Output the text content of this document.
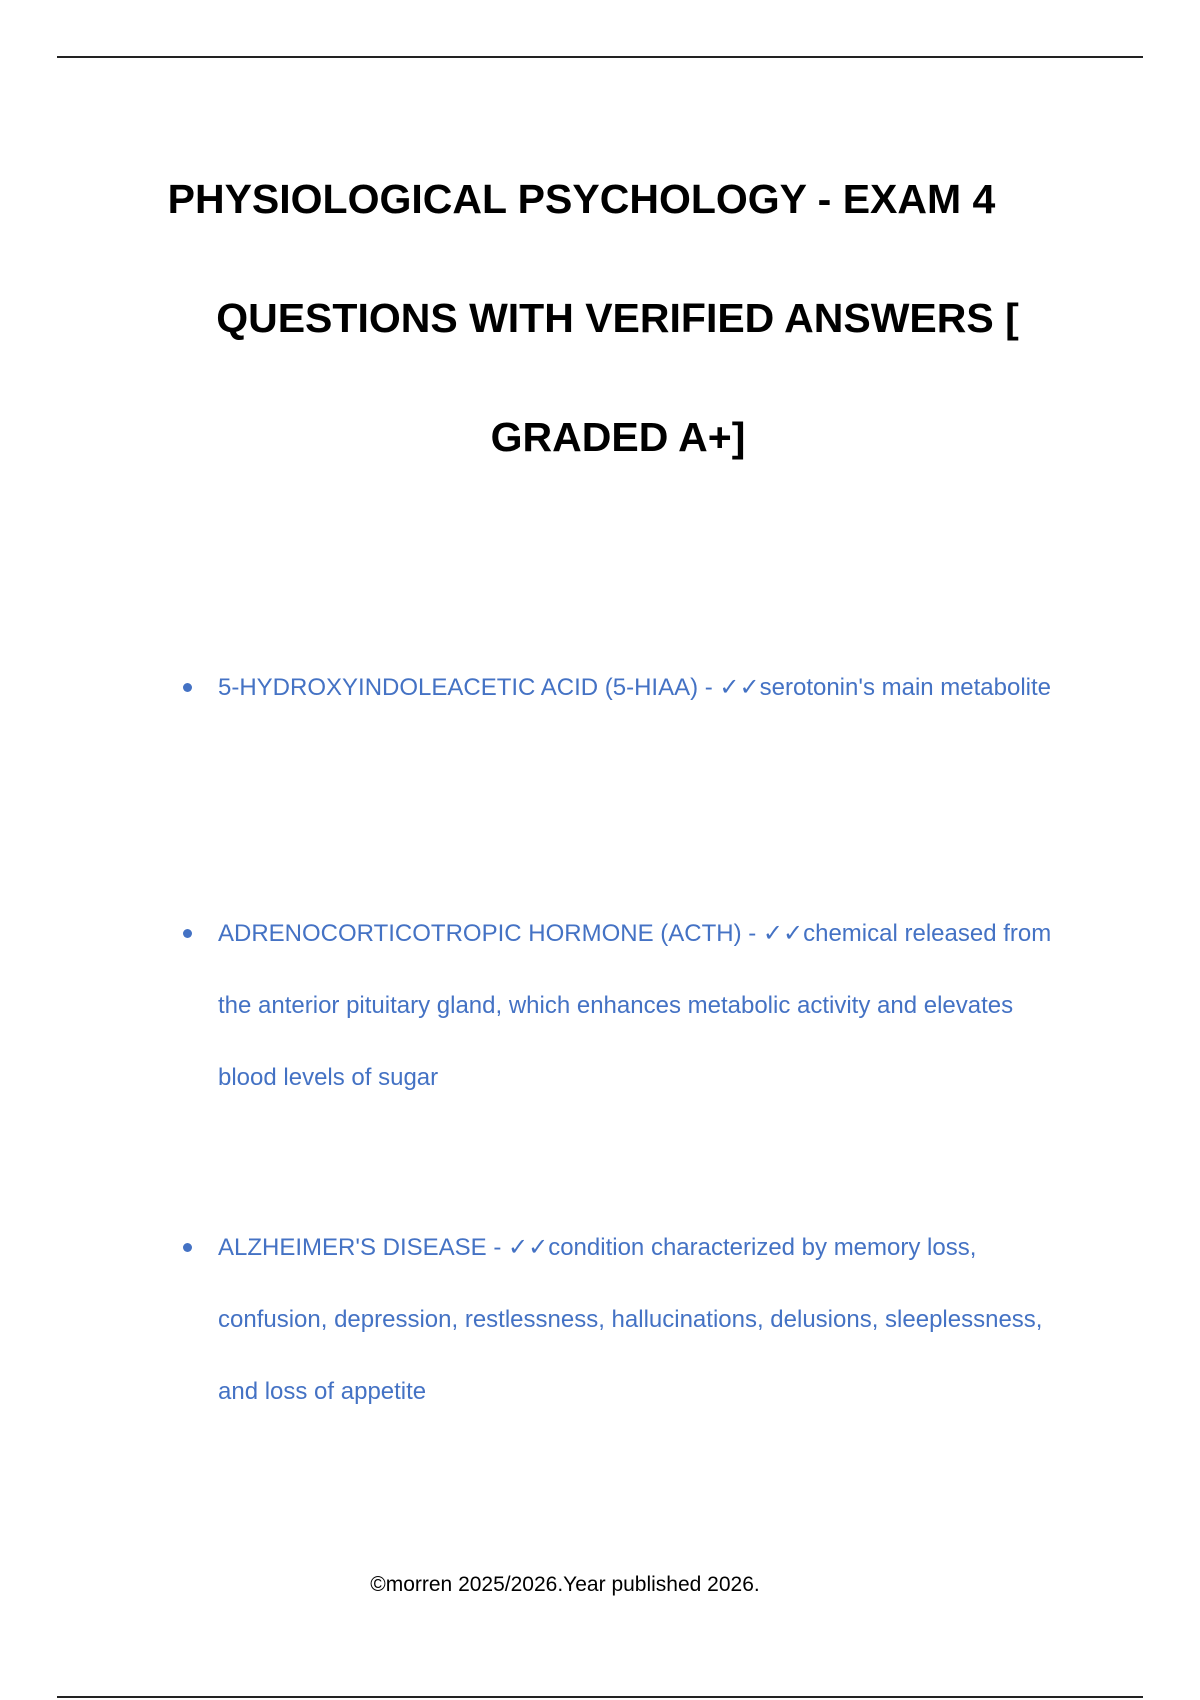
PHYSIOLOGICAL PSYCHOLOGY - EXAM 4
QUESTIONS WITH VERIFIED ANSWERS [
GRADED A+]
5-HYDROXYINDOLEACETIC ACID (5-HIAA) - ✓✓serotonin's main metabolite
ADRENOCORTICOTROPIC HORMONE (ACTH) - ✓✓chemical released from the anterior pituitary gland, which enhances metabolic activity and elevates blood levels of sugar
ALZHEIMER'S DISEASE - ✓✓condition characterized by memory loss, confusion, depression, restlessness, hallucinations, delusions, sleeplessness, and loss of appetite
©morren 2025/2026.Year published 2026.
